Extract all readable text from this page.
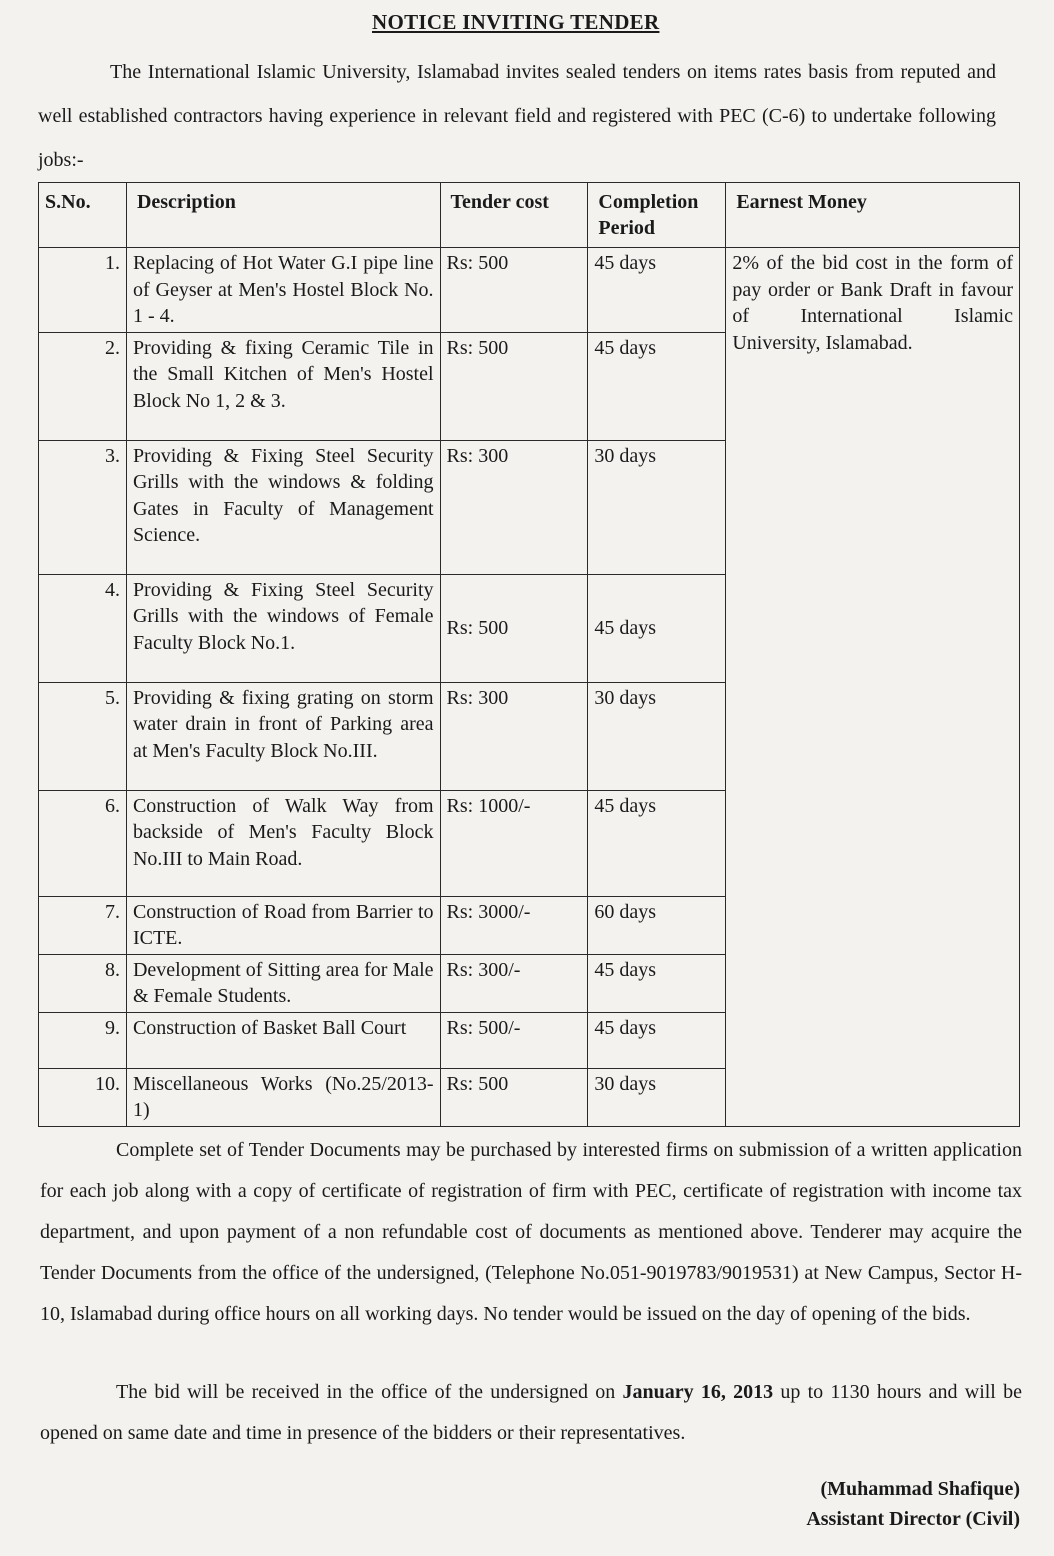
NOTICE INVITING TENDER

The International Islamic University, Islamabad invites sealed tenders on items rates basis from reputed and well established contractors having experience in relevant field and registered with PEC (C-6) to undertake following jobs:-

S.No.	Description	Tender cost	Completion Period	Earnest Money
1.	Replacing of Hot Water G.I pipe line of Geyser at Men's Hostel Block No. 1 - 4.	Rs: 500	45 days	2% of the bid cost in the form of pay order or Bank Draft in favour of International Islamic University, Islamabad.
2.	Providing & fixing Ceramic Tile in the Small Kitchen of Men's Hostel Block No 1, 2 & 3.	Rs: 500	45 days	
3.	Providing & Fixing Steel Security Grills with the windows & folding Gates in Faculty of Management Science.	Rs: 300	30 days	
4.	Providing & Fixing Steel Security Grills with the windows of Female Faculty Block No.1.	Rs: 500	45 days	
5.	Providing & fixing grating on storm water drain in front of Parking area at Men's Faculty Block No.III.	Rs: 300	30 days	
6.	Construction of Walk Way from backside of Men's Faculty Block No.III to Main Road.	Rs: 1000/-	45 days	
7.	Construction of Road from Barrier to ICTE.	Rs: 3000/-	60 days	
8.	Development of Sitting area for Male & Female Students.	Rs: 300/-	45 days	
9.	Construction of Basket Ball Court	Rs: 500/-	45 days	
10.	Miscellaneous Works (No.25/2013-1)	Rs: 500	30 days	

Complete set of Tender Documents may be purchased by interested firms on submission of a written application for each job along with a copy of certificate of registration of firm with PEC, certificate of registration with income tax department, and upon payment of a non refundable cost of documents as mentioned above. Tenderer may acquire the Tender Documents from the office of the undersigned, (Telephone No.051-9019783/9019531) at New Campus, Sector H-10, Islamabad during office hours on all working days. No tender would be issued on the day of opening of the bids.

The bid will be received in the office of the undersigned on January 16, 2013 up to 1130 hours and will be opened on same date and time in presence of the bidders or their representatives.

(Muhammad Shafique)
Assistant Director (Civil)
